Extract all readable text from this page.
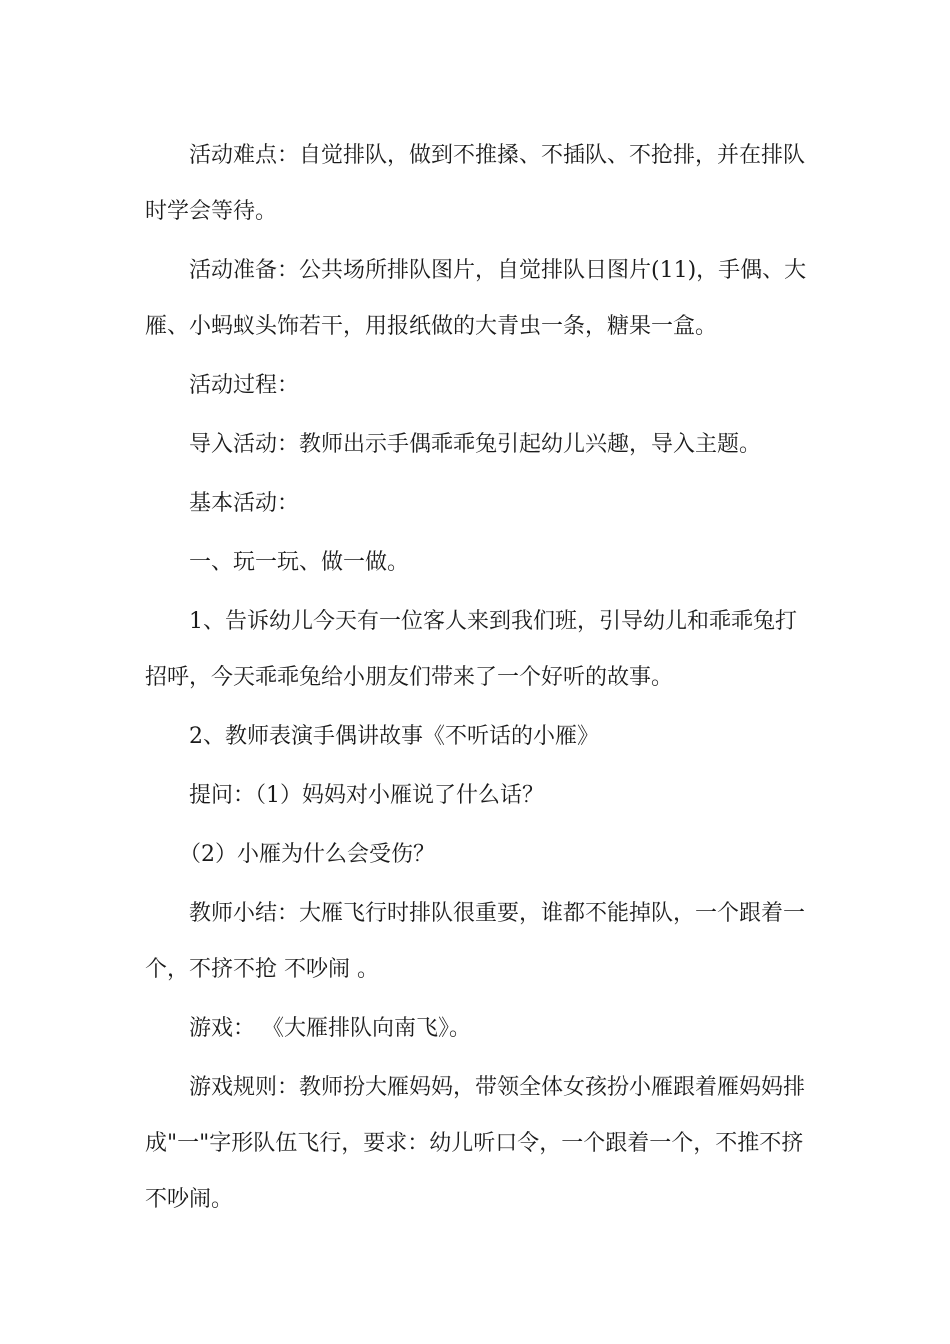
活动难点：自觉排队，做到不推搡、不插队、不抢排，并在排队时学会等待。

活动准备：公共场所排队图片，自觉排队日图片(11)，手偶、大雁、小蚂蚁头饰若干，用报纸做的大青虫一条，糖果一盒。

活动过程：

导入活动：教师出示手偶乖乖兔引起幼儿兴趣，导入主题。

基本活动：

一、玩一玩、做一做。

1、告诉幼儿今天有一位客人来到我们班，引导幼儿和乖乖兔打招呼，今天乖乖兔给小朋友们带来了一个好听的故事。

2、教师表演手偶讲故事《不听话的小雁》

提问：（1）妈妈对小雁说了什么话？

（2）小雁为什么会受伤？

教师小结：大雁飞行时排队很重要，谁都不能掉队，一个跟着一个，不挤不抢 不吵闹 。

游戏： 《大雁排队向南飞》。

游戏规则：教师扮大雁妈妈，带领全体女孩扮小雁跟着雁妈妈排成"一"字形队伍飞行，要求：幼儿听口令，一个跟着一个，不推不挤不吵闹。
